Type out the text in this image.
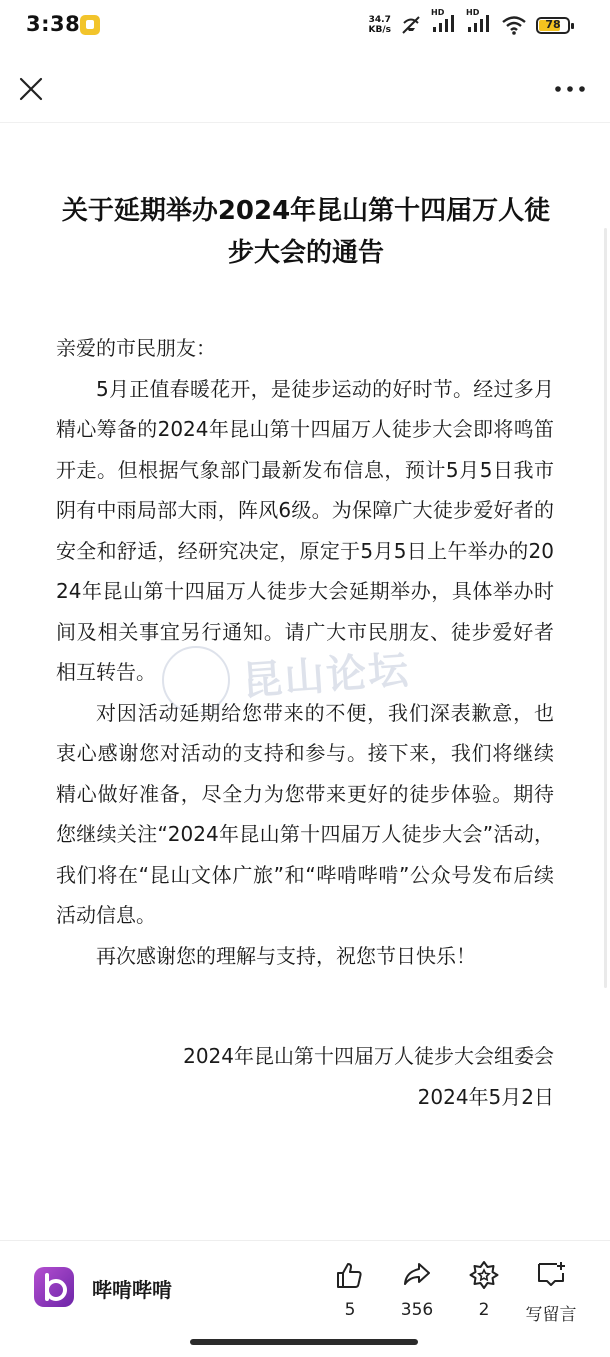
3:38	34.7
KB/s
HD	HD
78
关于延期举办2024年昆山第十四届万人徒步大会的通告

亲爱的市民朋友：

5月正值春暖花开，是徒步运动的好时节。经过多月精心筹备的2024年昆山第十四届万人徒步大会即将鸣笛开走。但根据气象部门最新发布信息，预计5月5日我市阴有中雨局部大雨，阵风6级。为保障广大徒步爱好者的安全和舒适，经研究决定，原定于5月5日上午举办的2024年昆山第十四届万人徒步大会延期举办，具体举办时间及相关事宜另行通知。请广大市民朋友、徒步爱好者相互转告。

对因活动延期给您带来的不便，我们深表歉意，也衷心感谢您对活动的支持和参与。接下来，我们将继续精心做好准备，尽全力为您带来更好的徒步体验。期待您继续关注“2024年昆山第十四届万人徒步大会”活动，我们将在“昆山文体广旅”和“哔啃哔啃”公众号发布后续活动信息。

再次感谢您的理解与支持，祝您节日快乐！

2024年昆山第十四届万人徒步大会组委会

2024年5月2日

昆山论坛
哔啃哔啃
5	356	2	写留言
